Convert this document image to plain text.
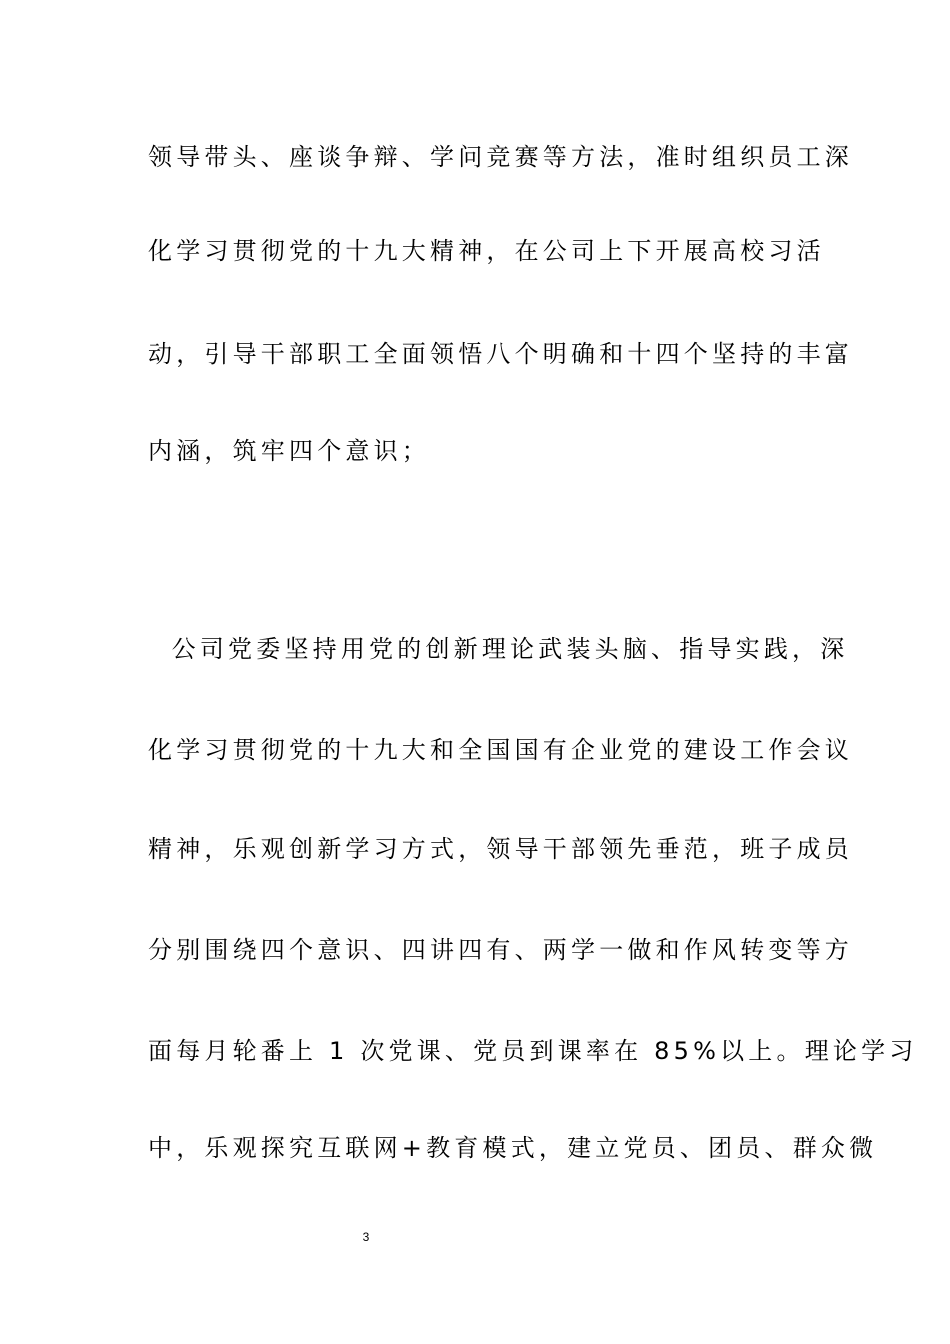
领导带头、座谈争辩、学问竞赛等方法，准时组织员工深
化学习贯彻党的十九大精神，在公司上下开展高校习活
动，引导干部职工全面领悟八个明确和十四个坚持的丰富
内涵，筑牢四个意识；
公司党委坚持用党的创新理论武装头脑、指导实践，深
化学习贯彻党的十九大和全国国有企业党的建设工作会议
精神，乐观创新学习方式，领导干部领先垂范，班子成员
分别围绕四个意识、四讲四有、两学一做和作风转变等方
面每月轮番上 1 次党课、党员到课率在 85%以上。理论学习
中，乐观探究互联网+教育模式，建立党员、团员、群众微
3
